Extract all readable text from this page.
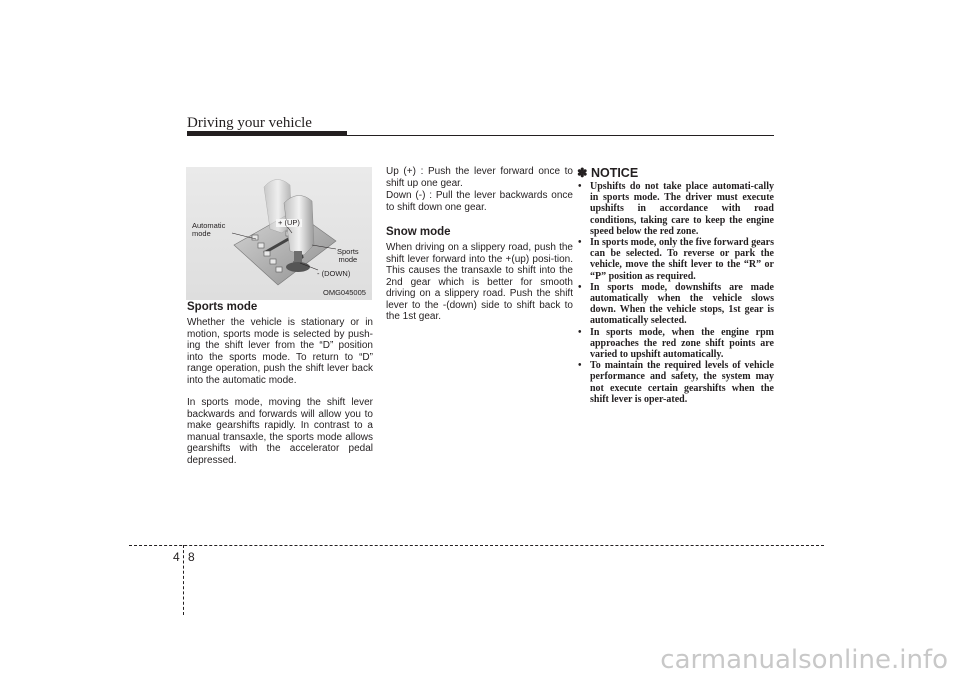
Driving your vehicle
+ (UP)
Automatic
mode
Sports
mode
- (DOWN)
OMG045005
Sports mode

Whether the vehicle is stationary or in motion, sports mode is selected by push-ing the shift lever from the “D” position into the sports mode. To return to “D” range operation, push the shift lever back into the automatic mode.

In sports mode, moving the shift lever backwards and forwards will allow you to make gearshifts rapidly. In contrast to a manual transaxle, the sports mode allows gearshifts with the accelerator pedal depressed.

Up (+) : Push the lever forward once to shift up one gear.

Down (-) : Pull the lever backwards once to shift down one gear.

Snow mode

When driving on a slippery road, push the shift lever forward into the +(up) posi-tion. This causes the transaxle to shift into the 2nd gear which is better for smooth driving on a slippery road. Push the shift lever to the -(down) side to shift back to the 1st gear.

✽ NOTICE
• Upshifts do not take place automati-cally in sports mode. The driver must execute upshifts in accordance with road conditions, taking care to keep the engine speed below the red zone.
• In sports mode, only the five forward gears can be selected. To reverse or park the vehicle, move the shift lever to the “R” or “P” position as required.
• In sports mode, downshifts are made automatically when the vehicle slows down. When the vehicle stops, 1st gear is automatically selected.
• In sports mode, when the engine rpm approaches the red zone shift points are varied to upshift automatically.
• To maintain the required levels of vehicle performance and safety, the system may not execute certain gearshifts when the shift lever is oper-ated.
4 8
carmanualsonline.info
